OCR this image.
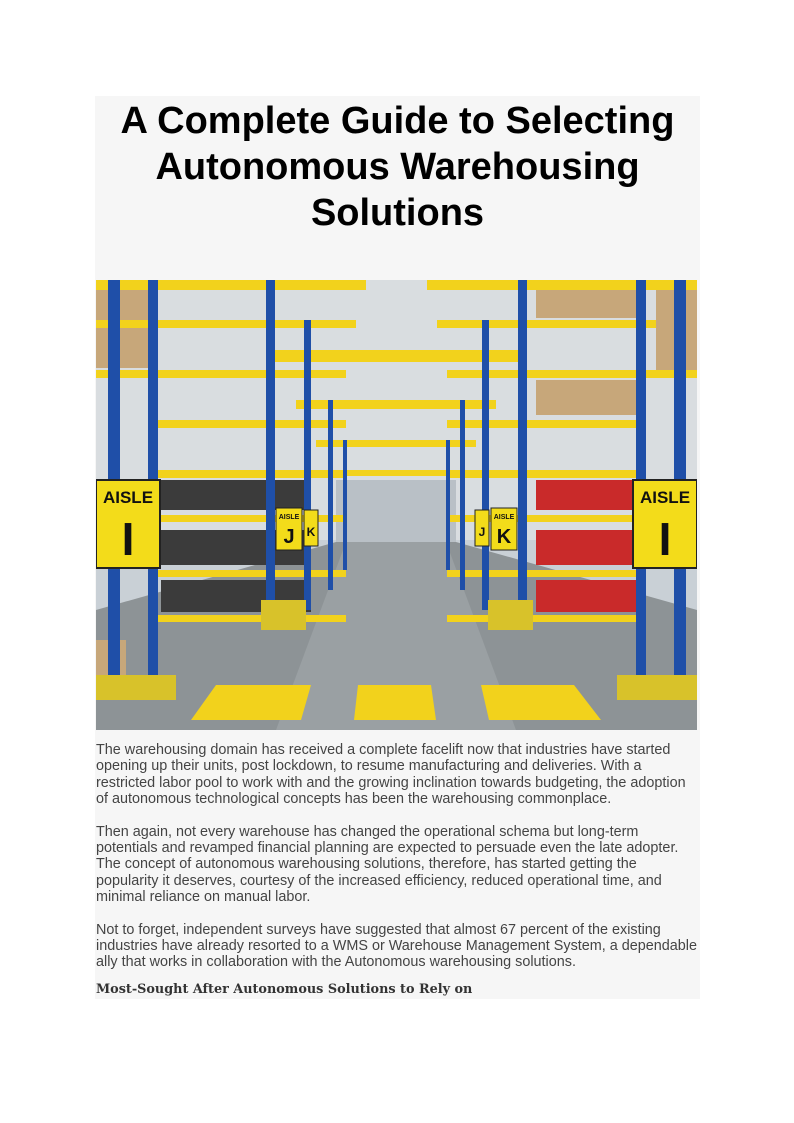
A Complete Guide to Selecting Autonomous Warehousing Solutions
AISLE
I
AISLE
I
AISLE
J K
AISLE
K
J

The warehousing domain has received a complete facelift now that industries have started opening up their units, post lockdown, to resume manufacturing and deliveries. With a restricted labor pool to work with and the growing inclination towards budgeting, the adoption of autonomous technological concepts has been the warehousing commonplace.

Then again, not every warehouse has changed the operational schema but long-term potentials and revamped financial planning are expected to persuade even the late adopter. The concept of autonomous warehousing solutions, therefore, has started getting the popularity it deserves, courtesy of the increased efficiency, reduced operational time, and minimal reliance on manual labor.

Not to forget, independent surveys have suggested that almost 67 percent of the existing industries have already resorted to a WMS or Warehouse Management System, a dependable ally that works in collaboration with the Autonomous warehousing solutions.

Most-Sought After Autonomous Solutions to Rely on
